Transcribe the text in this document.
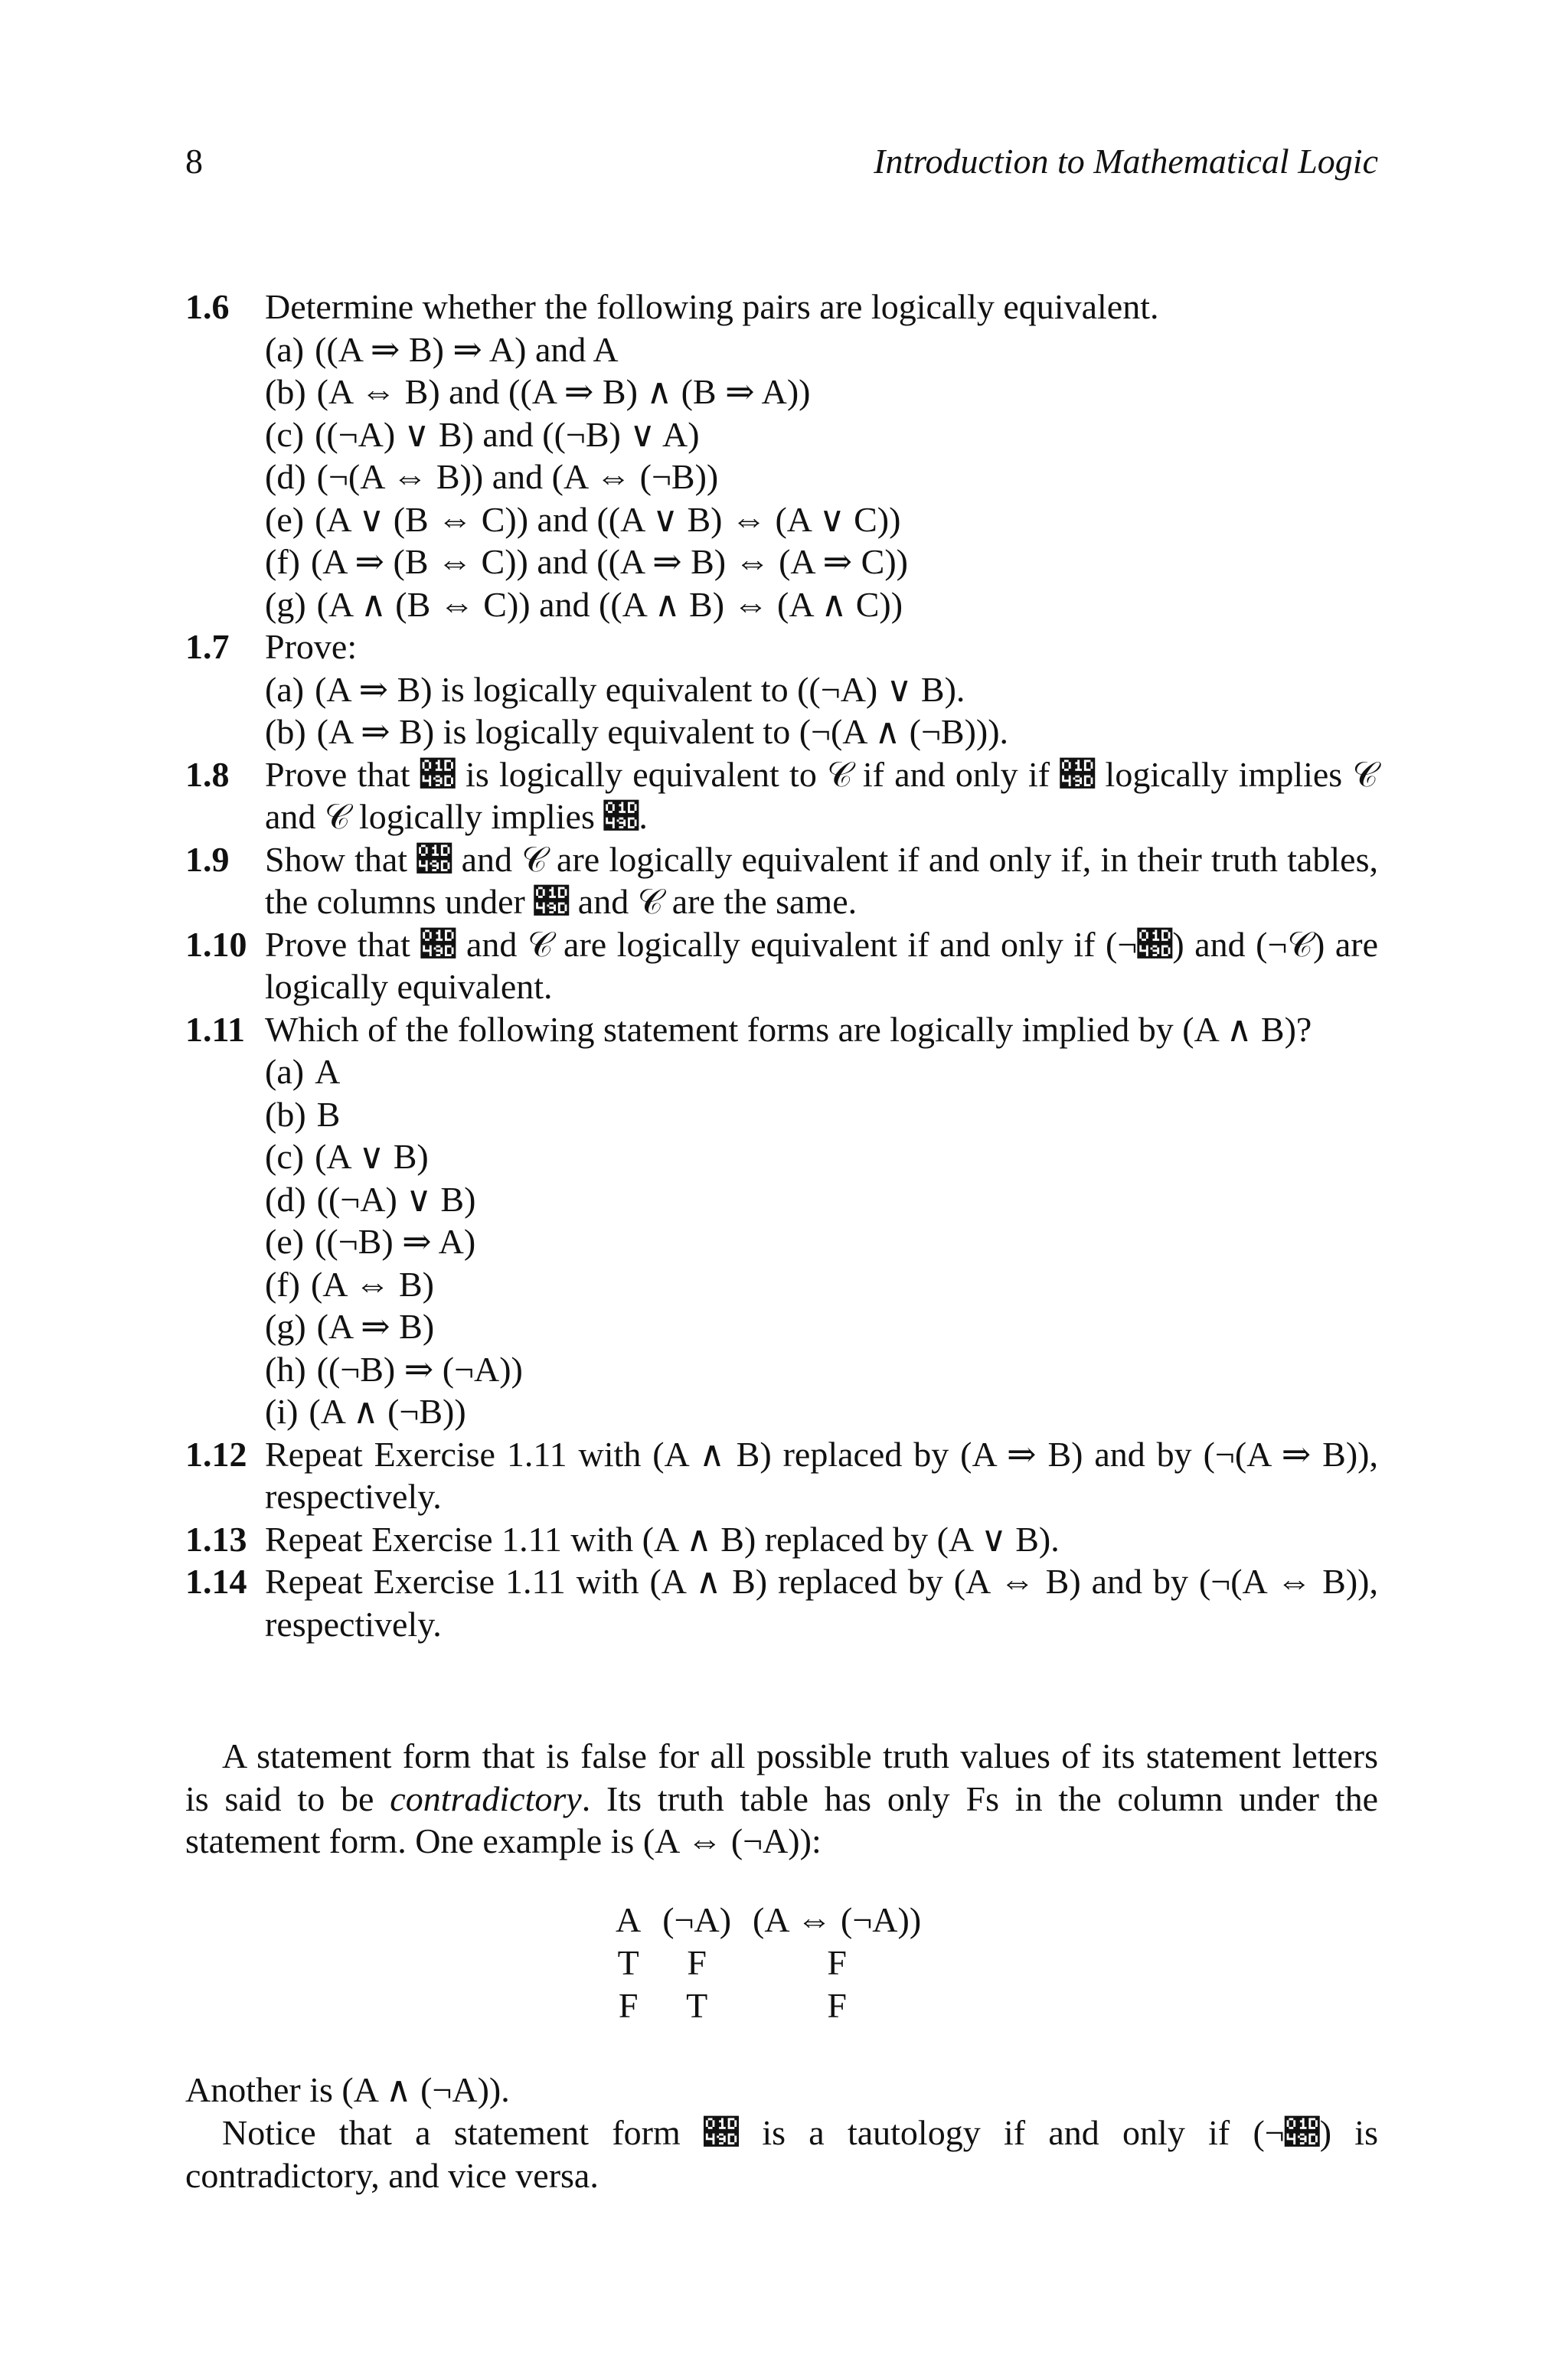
8	Introduction to Mathematical Logic
1.6 Determine whether the following pairs are logically equivalent.
(a) ((A ⇒ B) ⇒ A) and A
(b) (A ⇔ B) and ((A ⇒ B) ∧ (B ⇒ A))
(c) ((¬A) ∨ B) and ((¬B) ∨ A)
(d) (¬(A ⇔ B)) and (A ⇔ (¬B))
(e) (A ∨ (B ⇔ C)) and ((A ∨ B) ⇔ (A ∨ C))
(f) (A ⇒ (B ⇔ C)) and ((A ⇒ B) ⇔ (A ⇒ C))
(g) (A ∧ (B ⇔ C)) and ((A ∧ B) ⇔ (A ∧ C))
1.7 Prove:
(a) (A ⇒ B) is logically equivalent to ((¬A) ∨ B).
(b) (A ⇒ B) is logically equivalent to (¬(A ∧ (¬B))).
1.8 Prove that 𝒝 is logically equivalent to 𝒞 if and only if 𝒝 logically implies 𝒞 and 𝒞 logically implies 𝒝.
1.9 Show that 𝒝 and 𝒞 are logically equivalent if and only if, in their truth tables, the columns under 𝒝 and 𝒞 are the same.
1.10 Prove that 𝒝 and 𝒞 are logically equivalent if and only if (¬𝒝) and (¬𝒞) are logically equivalent.
1.11 Which of the following statement forms are logically implied by (A ∧ B)?
(a) A
(b) B
(c) (A ∨ B)
(d) ((¬A) ∨ B)
(e) ((¬B) ⇒ A)
(f) (A ⇔ B)
(g) (A ⇒ B)
(h) ((¬B) ⇒ (¬A))
(i) (A ∧ (¬B))
1.12 Repeat Exercise 1.11 with (A ∧ B) replaced by (A ⇒ B) and by (¬(A ⇒ B)), respectively.
1.13 Repeat Exercise 1.11 with (A ∧ B) replaced by (A ∨ B).
1.14 Repeat Exercise 1.11 with (A ∧ B) replaced by (A ⇔ B) and by (¬(A ⇔ B)), respectively.
A statement form that is false for all possible truth values of its statement letters is said to be contradictory. Its truth table has only Fs in the column under the statement form. One example is (A ⇔ (¬A)):
A	(¬A)	(A ⇔ (¬A))
T	F	F
F	T	F
Another is (A ∧ (¬A)).
Notice that a statement form 𝒝 is a tautology if and only if (¬𝒝) is contradictory, and vice versa.
